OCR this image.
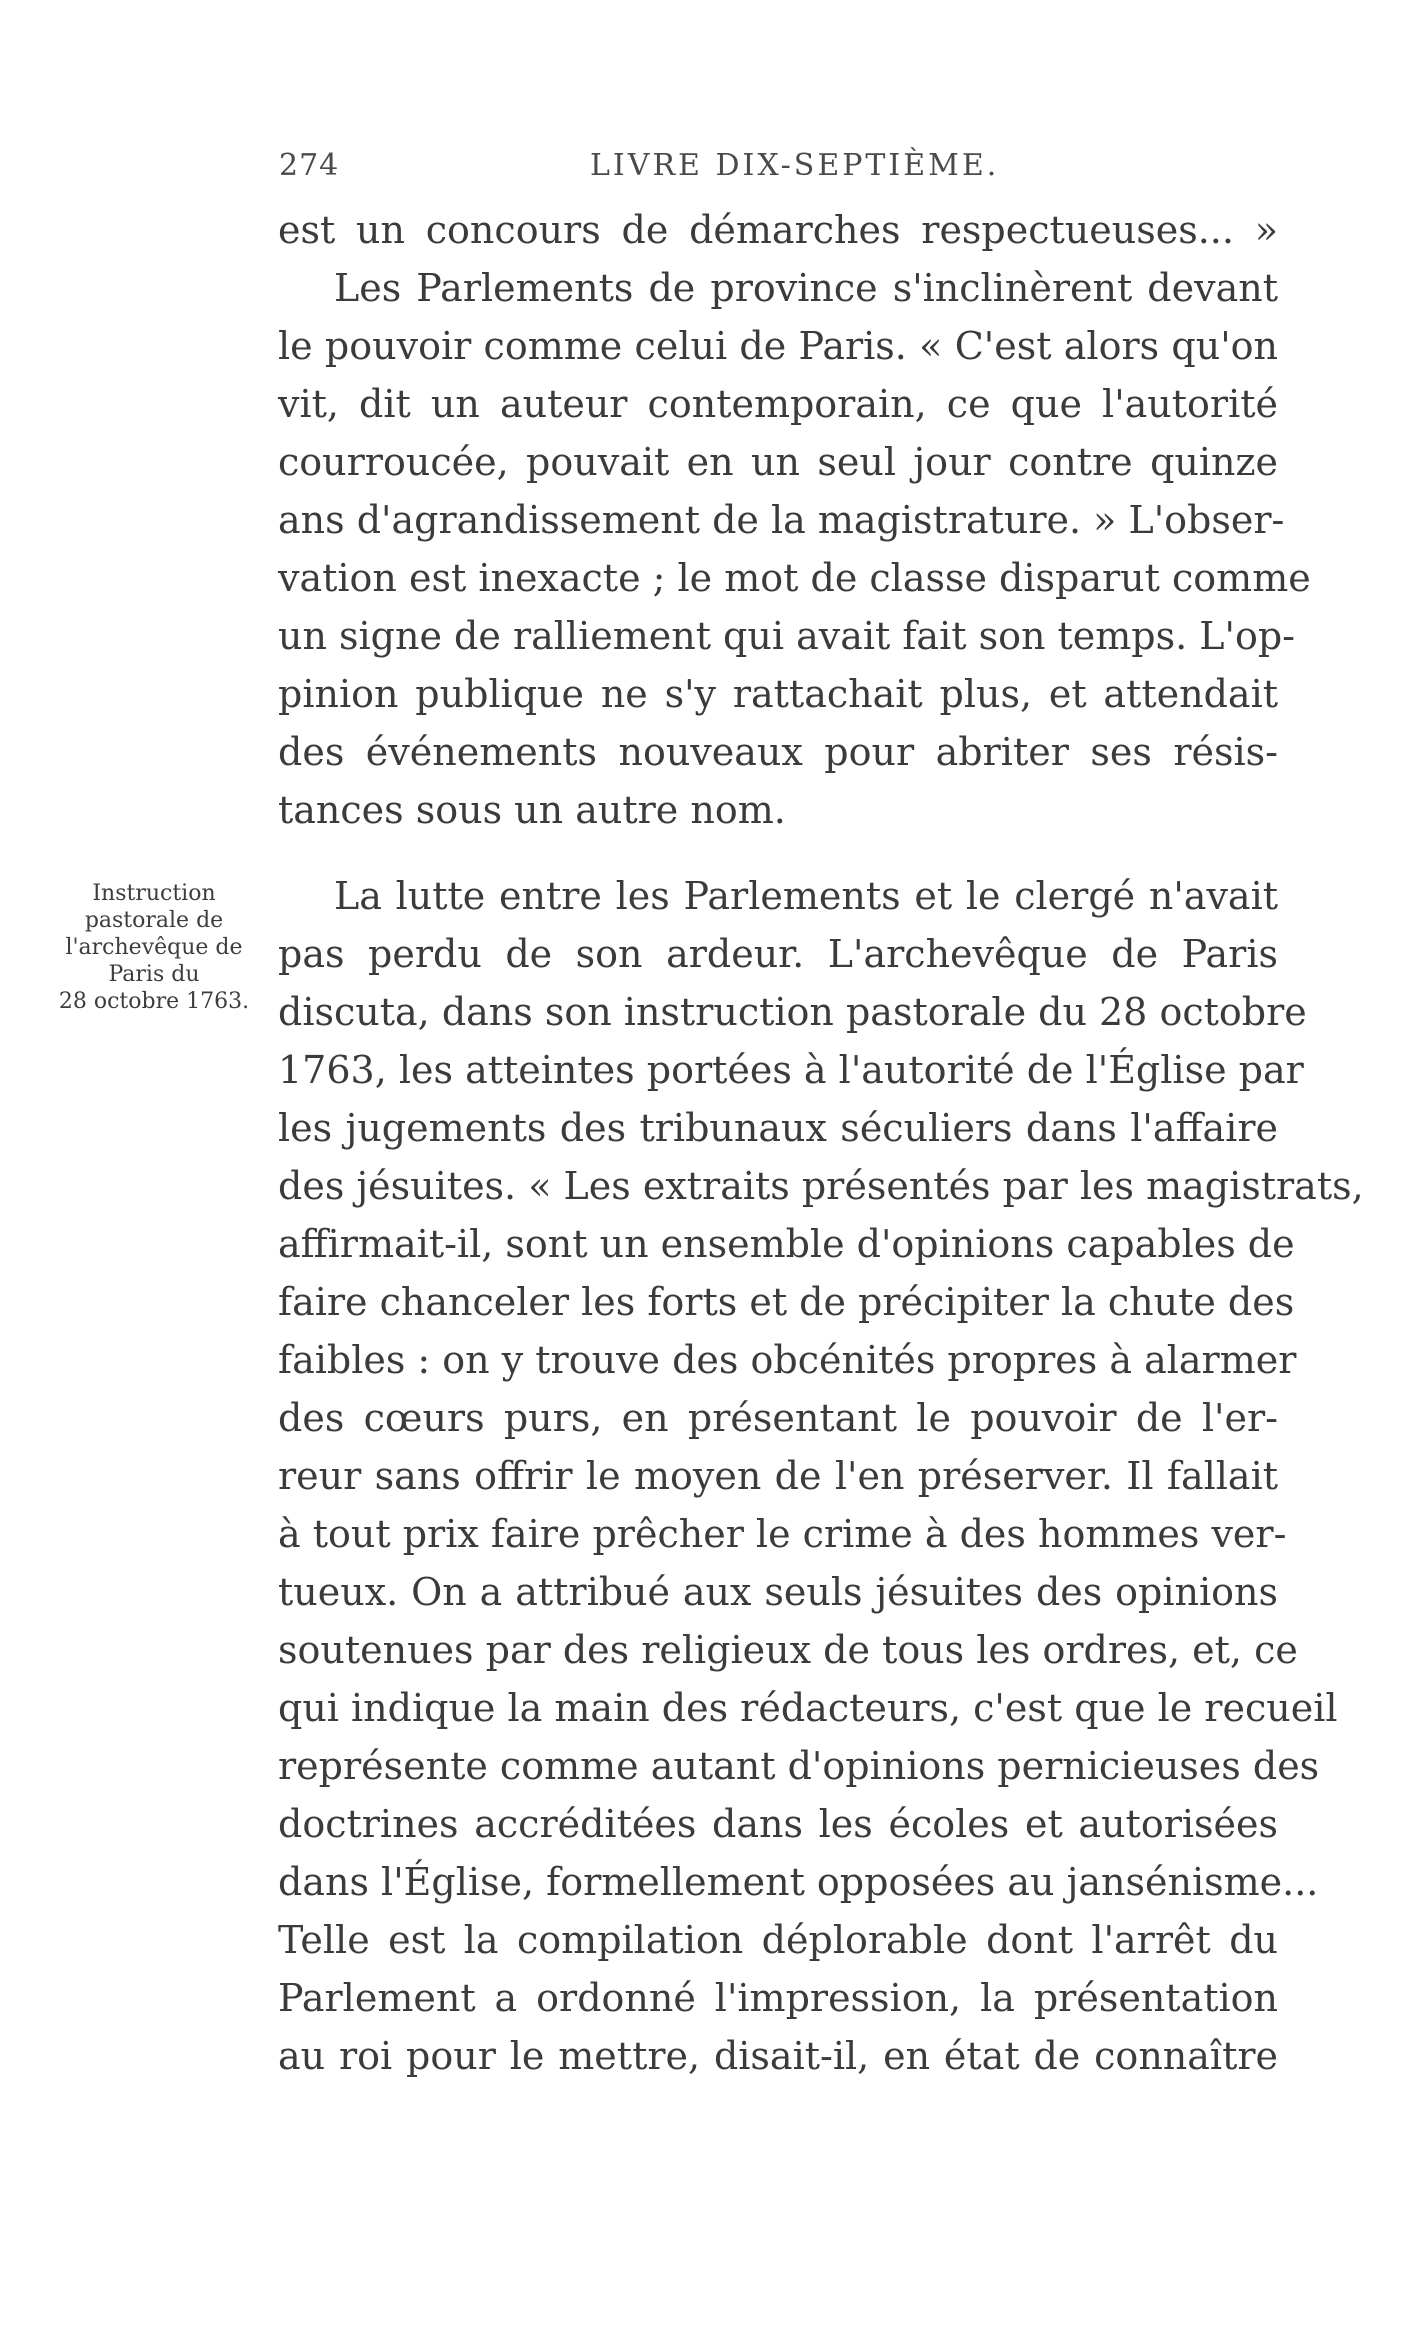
274	LIVRE DIX-SEPTIÈME.
Instruction
pastorale de
l'archevêque de
Paris du
28 octobre 1763.
est un concours de démarches respectueuses... »
Les Parlements de province s'inclinèrent devant
le pouvoir comme celui de Paris. « C'est alors qu'on
vit, dit un auteur contemporain, ce que l'autorité
courroucée, pouvait en un seul jour contre quinze
ans d'agrandissement de la magistrature. » L'obser-
vation est inexacte ; le mot de classe disparut comme
un signe de ralliement qui avait fait son temps. L'op-
pinion publique ne s'y rattachait plus, et attendait
des événements nouveaux pour abriter ses résis-
tances sous un autre nom.
La lutte entre les Parlements et le clergé n'avait
pas perdu de son ardeur. L'archevêque de Paris
discuta, dans son instruction pastorale du 28 octobre
1763, les atteintes portées à l'autorité de l'Église par
les jugements des tribunaux séculiers dans l'affaire
des jésuites. « Les extraits présentés par les magistrats,
affirmait-il, sont un ensemble d'opinions capables de
faire chanceler les forts et de précipiter la chute des
faibles : on y trouve des obcénités propres à alarmer
des cœurs purs, en présentant le pouvoir de l'er-
reur sans offrir le moyen de l'en préserver. Il fallait
à tout prix faire prêcher le crime à des hommes ver-
tueux. On a attribué aux seuls jésuites des opinions
soutenues par des religieux de tous les ordres, et, ce
qui indique la main des rédacteurs, c'est que le recueil
représente comme autant d'opinions pernicieuses des
doctrines accréditées dans les écoles et autorisées
dans l'Église, formellement opposées au jansénisme...
Telle est la compilation déplorable dont l'arrêt du
Parlement a ordonné l'impression, la présentation
au roi pour le mettre, disait-il, en état de connaître
